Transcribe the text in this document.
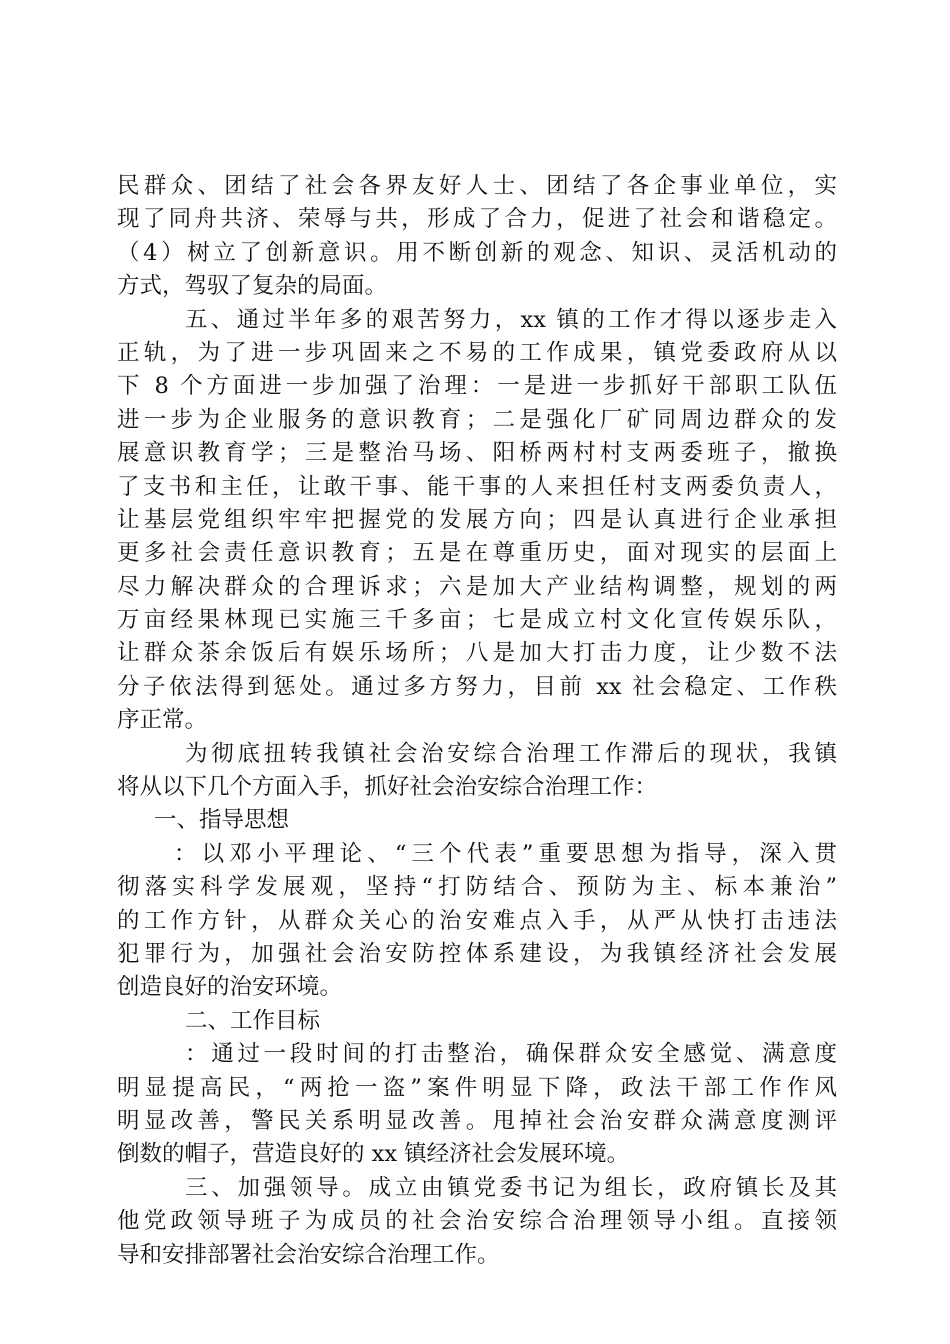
民群众、团结了社会各界友好人士、团结了各企事业单位，实
现了同舟共济、荣辱与共，形成了合力，促进了社会和谐稳定。
（4）树立了创新意识。用不断创新的观念、知识、灵活机动的
方式，驾驭了复杂的局面。
五、通过半年多的艰苦努力，xx 镇的工作才得以逐步走入
正轨，为了进一步巩固来之不易的工作成果，镇党委政府从以
下 8 个方面进一步加强了治理：一是进一步抓好干部职工队伍
进一步为企业服务的意识教育；二是强化厂矿同周边群众的发
展意识教育学；三是整治马场、阳桥两村村支两委班子，撤换
了支书和主任，让敢干事、能干事的人来担任村支两委负责人，
让基层党组织牢牢把握党的发展方向；四是认真进行企业承担
更多社会责任意识教育；五是在尊重历史，面对现实的层面上
尽力解决群众的合理诉求；六是加大产业结构调整，规划的两
万亩经果林现已实施三千多亩；七是成立村文化宣传娱乐队，
让群众茶余饭后有娱乐场所；八是加大打击力度，让少数不法
分子依法得到惩处。通过多方努力，目前 xx 社会稳定、工作秩
序正常。
为彻底扭转我镇社会治安综合治理工作滞后的现状，我镇
将从以下几个方面入手，抓好社会治安综合治理工作：
一、指导思想
：以邓小平理论、“三个代表”重要思想为指导，深入贯
彻落实科学发展观，坚持“打防结合、预防为主、标本兼治”
的工作方针，从群众关心的治安难点入手，从严从快打击违法
犯罪行为，加强社会治安防控体系建设，为我镇经济社会发展
创造良好的治安环境。
二、工作目标
：通过一段时间的打击整治，确保群众安全感觉、满意度
明显提高民，“两抢一盗”案件明显下降，政法干部工作作风
明显改善，警民关系明显改善。甩掉社会治安群众满意度测评
倒数的帽子，营造良好的 xx 镇经济社会发展环境。
三、加强领导。成立由镇党委书记为组长，政府镇长及其
他党政领导班子为成员的社会治安综合治理领导小组。直接领
导和安排部署社会治安综合治理工作。
